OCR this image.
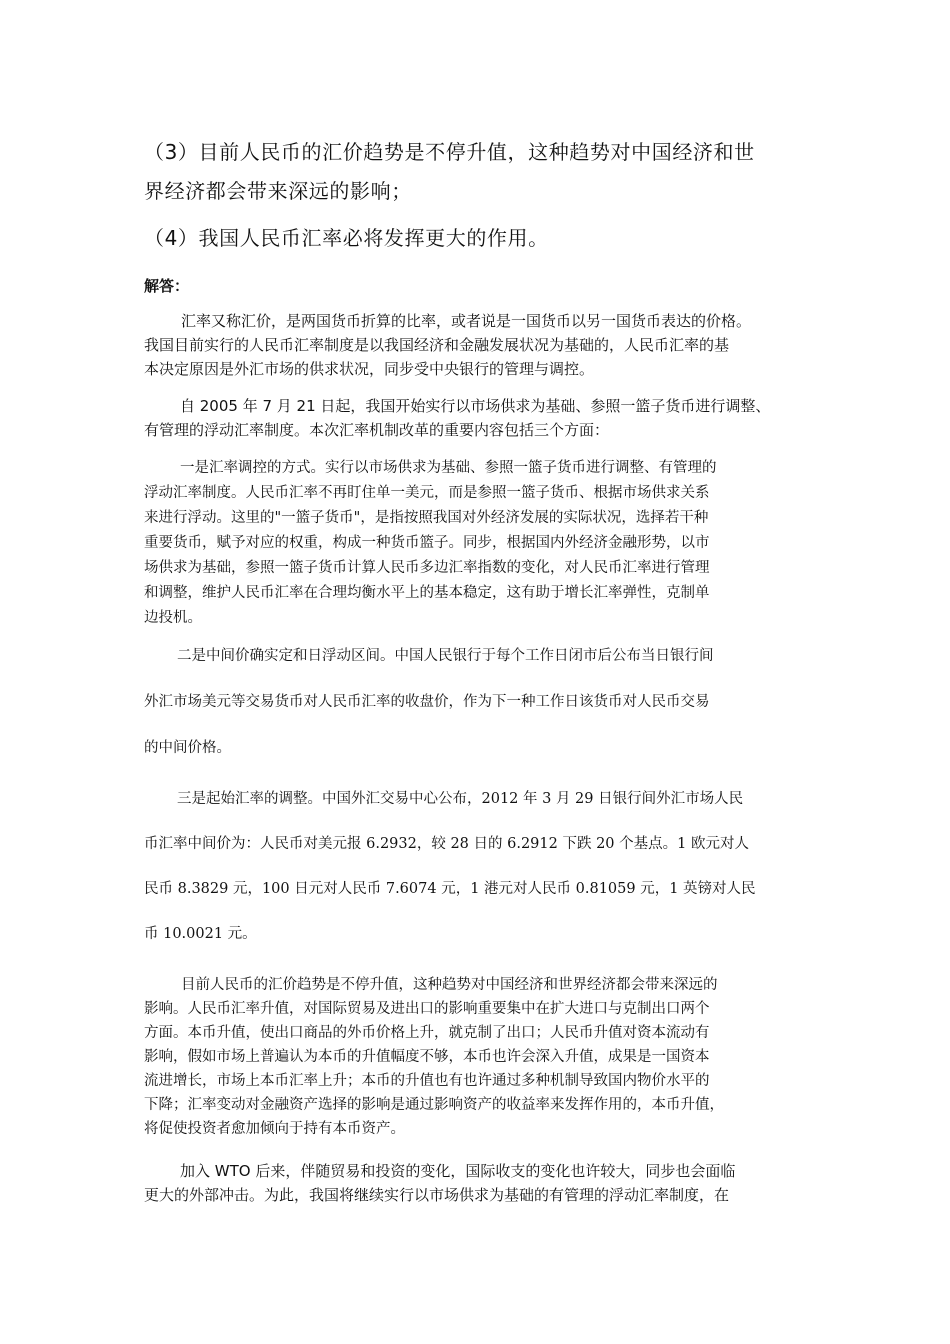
（3）目前人民币的汇价趋势是不停升值，这种趋势对中国经济和世
界经济都会带来深远的影响；
（4）我国人民币汇率必将发挥更大的作用。
解答：
汇率又称汇价，是两国货币折算的比率，或者说是一国货币以另一国货币表达的价格。
我国目前实行的人民币汇率制度是以我国经济和金融发展状况为基础的，人民币汇率的基
本决定原因是外汇市场的供求状况，同步受中央银行的管理与调控。
自 2005 年 7 月 21 日起，我国开始实行以市场供求为基础、参照一篮子货币进行调整、
有管理的浮动汇率制度。本次汇率机制改革的重要内容包括三个方面：
一是汇率调控的方式。实行以市场供求为基础、参照一篮子货币进行调整、有管理的
浮动汇率制度。人民币汇率不再盯住单一美元，而是参照一篮子货币、根据市场供求关系
来进行浮动。这里的"一篮子货币"，是指按照我国对外经济发展的实际状况，选择若干种
重要货币，赋予对应的权重，构成一种货币篮子。同步，根据国内外经济金融形势，以市
场供求为基础，参照一篮子货币计算人民币多边汇率指数的变化，对人民币汇率进行管理
和调整，维护人民币汇率在合理均衡水平上的基本稳定，这有助于增长汇率弹性，克制单
边投机。
二是中间价确实定和日浮动区间。中国人民银行于每个工作日闭市后公布当日银行间
外汇市场美元等交易货币对人民币汇率的收盘价，作为下一种工作日该货币对人民币交易
的中间价格。
三是起始汇率的调整。中国外汇交易中心公布，2012 年 3 月 29 日银行间外汇市场人民
币汇率中间价为：人民币对美元报 6.2932，较 28 日的 6.2912 下跌 20 个基点。1 欧元对人
民币 8.3829 元，100 日元对人民币 7.6074 元，1 港元对人民币 0.81059 元，1 英镑对人民
币 10.0021 元。
目前人民币的汇价趋势是不停升值，这种趋势对中国经济和世界经济都会带来深远的
影响。人民币汇率升值，对国际贸易及进出口的影响重要集中在扩大进口与克制出口两个
方面。本币升值，使出口商品的外币价格上升，就克制了出口；人民币升值对资本流动有
影响，假如市场上普遍认为本币的升值幅度不够，本币也许会深入升值，成果是一国资本
流进增长，市场上本币汇率上升；本币的升值也有也许通过多种机制导致国内物价水平的
下降；汇率变动对金融资产选择的影响是通过影响资产的收益率来发挥作用的，本币升值，
将促使投资者愈加倾向于持有本币资产。
加入 WTO 后来，伴随贸易和投资的变化，国际收支的变化也许较大，同步也会面临
更大的外部冲击。为此，我国将继续实行以市场供求为基础的有管理的浮动汇率制度，在
